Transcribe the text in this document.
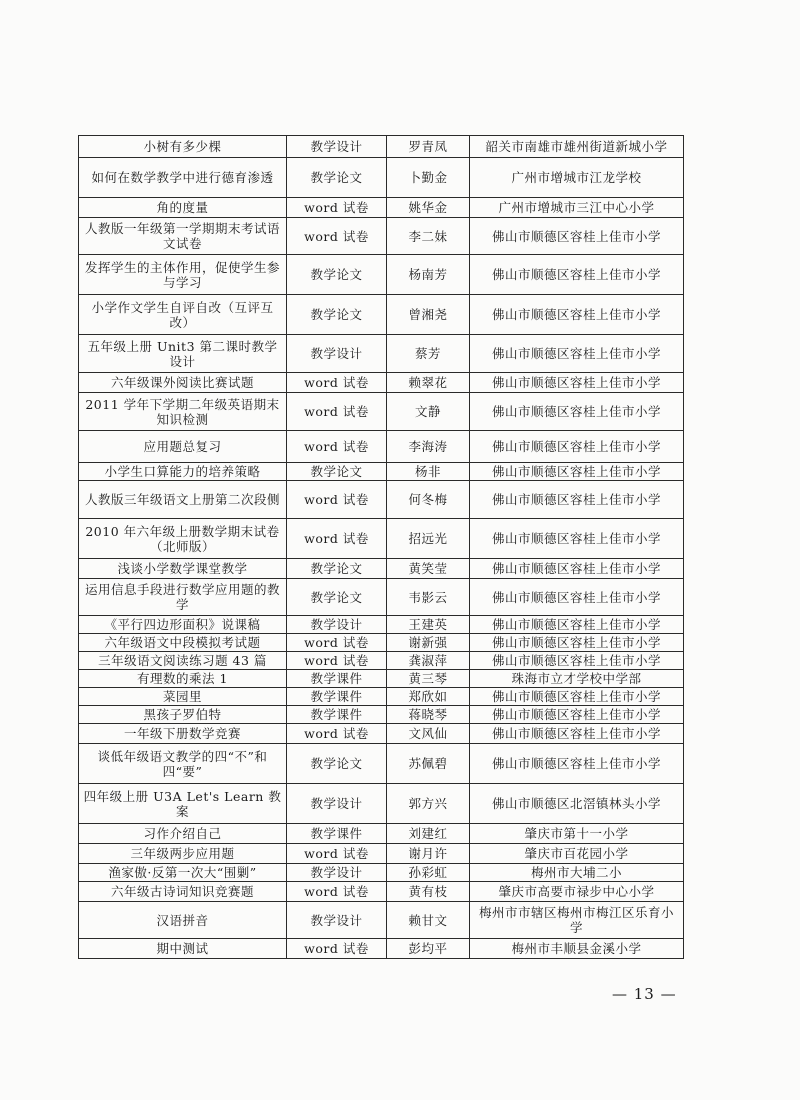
小树有多少棵	教学设计	罗青凤	韶关市南雄市雄州街道新城小学
如何在数学教学中进行德育渗透	教学论文	卜勤金	广州市增城市江龙学校
角的度量	word 试卷	姚华金	广州市增城市三江中心小学
人教版一年级第一学期期末考试语文试卷	word 试卷	李二妹	佛山市顺德区容桂上佳市小学
发挥学生的主体作用，促使学生参与学习	教学论文	杨南芳	佛山市顺德区容桂上佳市小学
小学作文学生自评自改（互评互改）	教学论文	曾湘尧	佛山市顺德区容桂上佳市小学
五年级上册 Unit3 第二课时教学设计	教学设计	蔡芳	佛山市顺德区容桂上佳市小学
六年级课外阅读比赛试题	word 试卷	赖翠花	佛山市顺德区容桂上佳市小学
2011 学年下学期二年级英语期末知识检测	word 试卷	文静	佛山市顺德区容桂上佳市小学
应用题总复习	word 试卷	李海涛	佛山市顺德区容桂上佳市小学
小学生口算能力的培养策略	教学论文	杨非	佛山市顺德区容桂上佳市小学
人教版三年级语文上册第二次段侧	word 试卷	何冬梅	佛山市顺德区容桂上佳市小学
2010 年六年级上册数学期末试卷（北师版）	word 试卷	招远光	佛山市顺德区容桂上佳市小学
浅谈小学数学课堂教学	教学论文	黄笑莹	佛山市顺德区容桂上佳市小学
运用信息手段进行数学应用题的教学	教学论文	韦影云	佛山市顺德区容桂上佳市小学
《平行四边形面积》说课稿	教学设计	王建英	佛山市顺德区容桂上佳市小学
六年级语文中段模拟考试题	word 试卷	谢新强	佛山市顺德区容桂上佳市小学
三年级语文阅读练习题 43 篇	word 试卷	龚淑萍	佛山市顺德区容桂上佳市小学
有理数的乘法 1	教学课件	黄三琴	珠海市立才学校中学部
菜园里	教学课件	郑欣如	佛山市顺德区容桂上佳市小学
黑孩子罗伯特	教学课件	蒋晓琴	佛山市顺德区容桂上佳市小学
一年级下册数学竞赛	word 试卷	文风仙	佛山市顺德区容桂上佳市小学
谈低年级语文教学的四“不”和四“要”	教学论文	苏佩碧	佛山市顺德区容桂上佳市小学
四年级上册 U3A Let's Learn 教案	教学设计	郭方兴	佛山市顺德区北滘镇林头小学
习作介绍自己	教学课件	刘建红	肇庆市第十一小学
三年级两步应用题	word 试卷	谢月许	肇庆市百花园小学
渔家傲·反第一次大“围剿”	教学设计	孙彩虹	梅州市大埔二小
六年级古诗词知识竞赛题	word 试卷	黄有枝	肇庆市高要市禄步中心小学
汉语拼音	教学设计	赖甘文	梅州市市辖区梅州市梅江区乐育小学
期中测试	word 试卷	彭均平	梅州市丰顺县金溪小学
— 13 —
